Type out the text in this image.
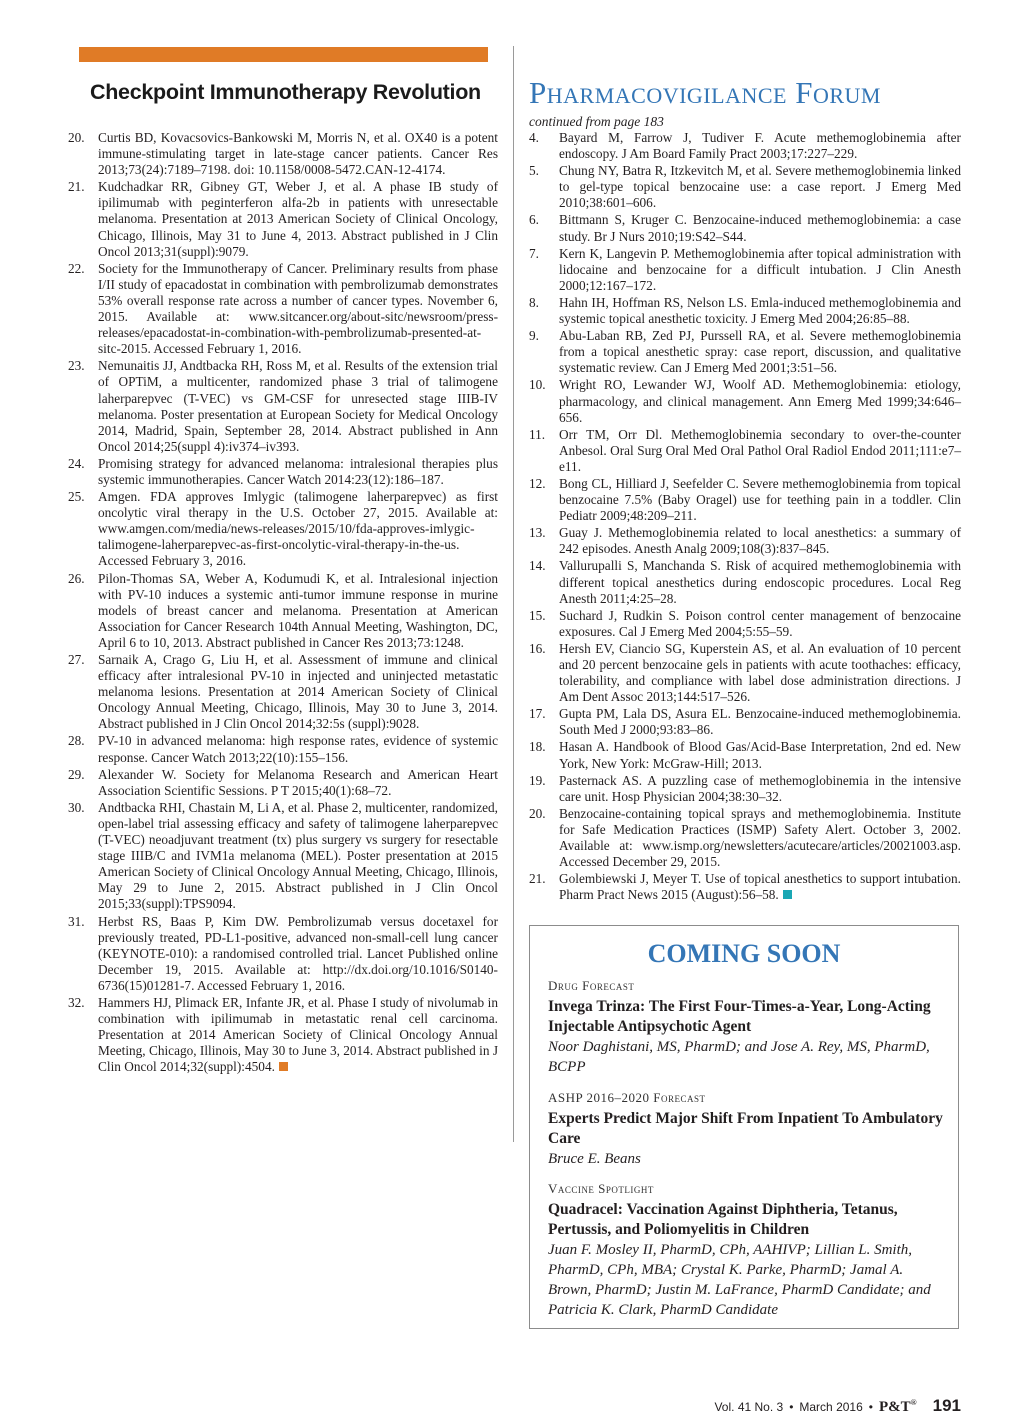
Checkpoint Immunotherapy Revolution
20. Curtis BD, Kovacsovics-Bankowski M, Morris N, et al. OX40 is a potent immune-stimulating target in late-stage cancer patients. Cancer Res 2013;73(24):7189–7198. doi: 10.1158/0008-5472.CAN-12-4174.
21. Kudchadkar RR, Gibney GT, Weber J, et al. A phase IB study of ipilimumab with peginterferon alfa-2b in patients with unresectable melanoma. Presentation at 2013 American Society of Clinical Oncology, Chicago, Illinois, May 31 to June 4, 2013. Abstract published in J Clin Oncol 2013;31(suppl):9079.
22. Society for the Immunotherapy of Cancer. Preliminary results from phase I/II study of epacadostat in combination with pembrolizumab demonstrates 53% overall response rate across a number of cancer types. November 6, 2015. Available at: www.sitcancer.org/about-sitc/newsroom/press-releases/epacadostat-in-combination-with-pembrolizumab-presented-at-sitc-2015. Accessed February 1, 2016.
23. Nemunaitis JJ, Andtbacka RH, Ross M, et al. Results of the extension trial of OPTiM, a multicenter, randomized phase 3 trial of talimogene laherparepvec (T-VEC) vs GM-CSF for unresected stage IIIB-IV melanoma. Poster presentation at European Society for Medical Oncology 2014, Madrid, Spain, September 28, 2014. Abstract published in Ann Oncol 2014;25(suppl 4):iv374–iv393.
24. Promising strategy for advanced melanoma: intralesional therapies plus systemic immunotherapies. Cancer Watch 2014:23(12):186–187.
25. Amgen. FDA approves Imlygic (talimogene laherparepvec) as first oncolytic viral therapy in the U.S. October 27, 2015. Available at: www.amgen.com/media/news-releases/2015/10/fda-approves-imlygic-talimogene-laherparepvec-as-first-oncolytic-viral-therapy-in-the-us. Accessed February 3, 2016.
26. Pilon-Thomas SA, Weber A, Kodumudi K, et al. Intralesional injection with PV-10 induces a systemic anti-tumor immune response in murine models of breast cancer and melanoma. Presentation at American Association for Cancer Research 104th Annual Meeting, Washington, DC, April 6 to 10, 2013. Abstract published in Cancer Res 2013;73:1248.
27. Sarnaik A, Crago G, Liu H, et al. Assessment of immune and clinical efficacy after intralesional PV-10 in injected and uninjected metastatic melanoma lesions. Presentation at 2014 American Society of Clinical Oncology Annual Meeting, Chicago, Illinois, May 30 to June 3, 2014. Abstract published in J Clin Oncol 2014;32:5s (suppl):9028.
28. PV-10 in advanced melanoma: high response rates, evidence of systemic response. Cancer Watch 2013;22(10):155–156.
29. Alexander W. Society for Melanoma Research and American Heart Association Scientific Sessions. P T 2015;40(1):68–72.
30. Andtbacka RHI, Chastain M, Li A, et al. Phase 2, multicenter, randomized, open-label trial assessing efficacy and safety of talimogene laherparepvec (T-VEC) neoadjuvant treatment (tx) plus surgery vs surgery for resectable stage IIIB/C and IVM1a melanoma (MEL). Poster presentation at 2015 American Society of Clinical Oncology Annual Meeting, Chicago, Illinois, May 29 to June 2, 2015. Abstract published in J Clin Oncol 2015;33(suppl):TPS9094.
31. Herbst RS, Baas P, Kim DW. Pembrolizumab versus docetaxel for previously treated, PD-L1-positive, advanced non-small-cell lung cancer (KEYNOTE-010): a randomised controlled trial. Lancet Published online December 19, 2015. Available at: http://dx.doi.org/10.1016/S0140-6736(15)01281-7. Accessed February 1, 2016.
32. Hammers HJ, Plimack ER, Infante JR, et al. Phase I study of nivolumab in combination with ipilimumab in metastatic renal cell carcinoma. Presentation at 2014 American Society of Clinical Oncology Annual Meeting, Chicago, Illinois, May 30 to June 3, 2014. Abstract published in J Clin Oncol 2014;32(suppl):4504.
Pharmacovigilance Forum
continued from page 183
4. Bayard M, Farrow J, Tudiver F. Acute methemoglobinemia after endoscopy. J Am Board Family Pract 2003;17:227–229.
5. Chung NY, Batra R, Itzkevitch M, et al. Severe methemoglobinemia linked to gel-type topical benzocaine use: a case report. J Emerg Med 2010;38:601–606.
6. Bittmann S, Kruger C. Benzocaine-induced methemoglobinemia: a case study. Br J Nurs 2010;19:S42–S44.
7. Kern K, Langevin P. Methemoglobinemia after topical administration with lidocaine and benzocaine for a difficult intubation. J Clin Anesth 2000;12:167–172.
8. Hahn IH, Hoffman RS, Nelson LS. Emla-induced methemoglobinemia and systemic topical anesthetic toxicity. J Emerg Med 2004;26:85–88.
9. Abu-Laban RB, Zed PJ, Purssell RA, et al. Severe methemoglobinemia from a topical anesthetic spray: case report, discussion, and qualitative systematic review. Can J Emerg Med 2001;3:51–56.
10. Wright RO, Lewander WJ, Woolf AD. Methemoglobinemia: etiology, pharmacology, and clinical management. Ann Emerg Med 1999;34:646–656.
11. Orr TM, Orr Dl. Methemoglobinemia secondary to over-the-counter Anbesol. Oral Surg Oral Med Oral Pathol Oral Radiol Endod 2011;111:e7–e11.
12. Bong CL, Hilliard J, Seefelder C. Severe methemoglobinemia from topical benzocaine 7.5% (Baby Oragel) use for teething pain in a toddler. Clin Pediatr 2009;48:209–211.
13. Guay J. Methemoglobinemia related to local anesthetics: a summary of 242 episodes. Anesth Analg 2009;108(3):837–845.
14. Vallurupalli S, Manchanda S. Risk of acquired methemoglobinemia with different topical anesthetics during endoscopic procedures. Local Reg Anesth 2011;4:25–28.
15. Suchard J, Rudkin S. Poison control center management of benzocaine exposures. Cal J Emerg Med 2004;5:55–59.
16. Hersh EV, Ciancio SG, Kuperstein AS, et al. An evaluation of 10 percent and 20 percent benzocaine gels in patients with acute toothaches: efficacy, tolerability, and compliance with label dose administration directions. J Am Dent Assoc 2013;144:517–526.
17. Gupta PM, Lala DS, Asura EL. Benzocaine-induced methemoglobinemia. South Med J 2000;93:83–86.
18. Hasan A. Handbook of Blood Gas/Acid-Base Interpretation, 2nd ed. New York, New York: McGraw-Hill; 2013.
19. Pasternack AS. A puzzling case of methemoglobinemia in the intensive care unit. Hosp Physician 2004;38:30–32.
20. Benzocaine-containing topical sprays and methemoglobinemia. Institute for Safe Medication Practices (ISMP) Safety Alert. October 3, 2002. Available at: www.ismp.org/newsletters/acutecare/articles/20021003.asp. Accessed December 29, 2015.
21. Golembiewski J, Meyer T. Use of topical anesthetics to support intubation. Pharm Pract News 2015 (August):56–58.
COMING SOON

Drug Forecast

Invega Trinza: The First Four-Times-a-Year, Long-Acting Injectable Antipsychotic Agent

Noor Daghistani, MS, PharmD; and Jose A. Rey, MS, PharmD, BCPP

ASHP 2016–2020 Forecast

Experts Predict Major Shift From Inpatient To Ambulatory Care

Bruce E. Beans

Vaccine Spotlight

Quadracel: Vaccination Against Diphtheria, Tetanus, Pertussis, and Poliomyelitis in Children

Juan F. Mosley II, PharmD, CPh, AAHIVP; Lillian L. Smith, PharmD, CPh, MBA; Crystal K. Parke, PharmD; Jamal A. Brown, PharmD; Justin M. LaFrance, PharmD Candidate; and Patricia K. Clark, PharmD Candidate

Vol. 41 No. 3 • March 2016 • P&T® 191
